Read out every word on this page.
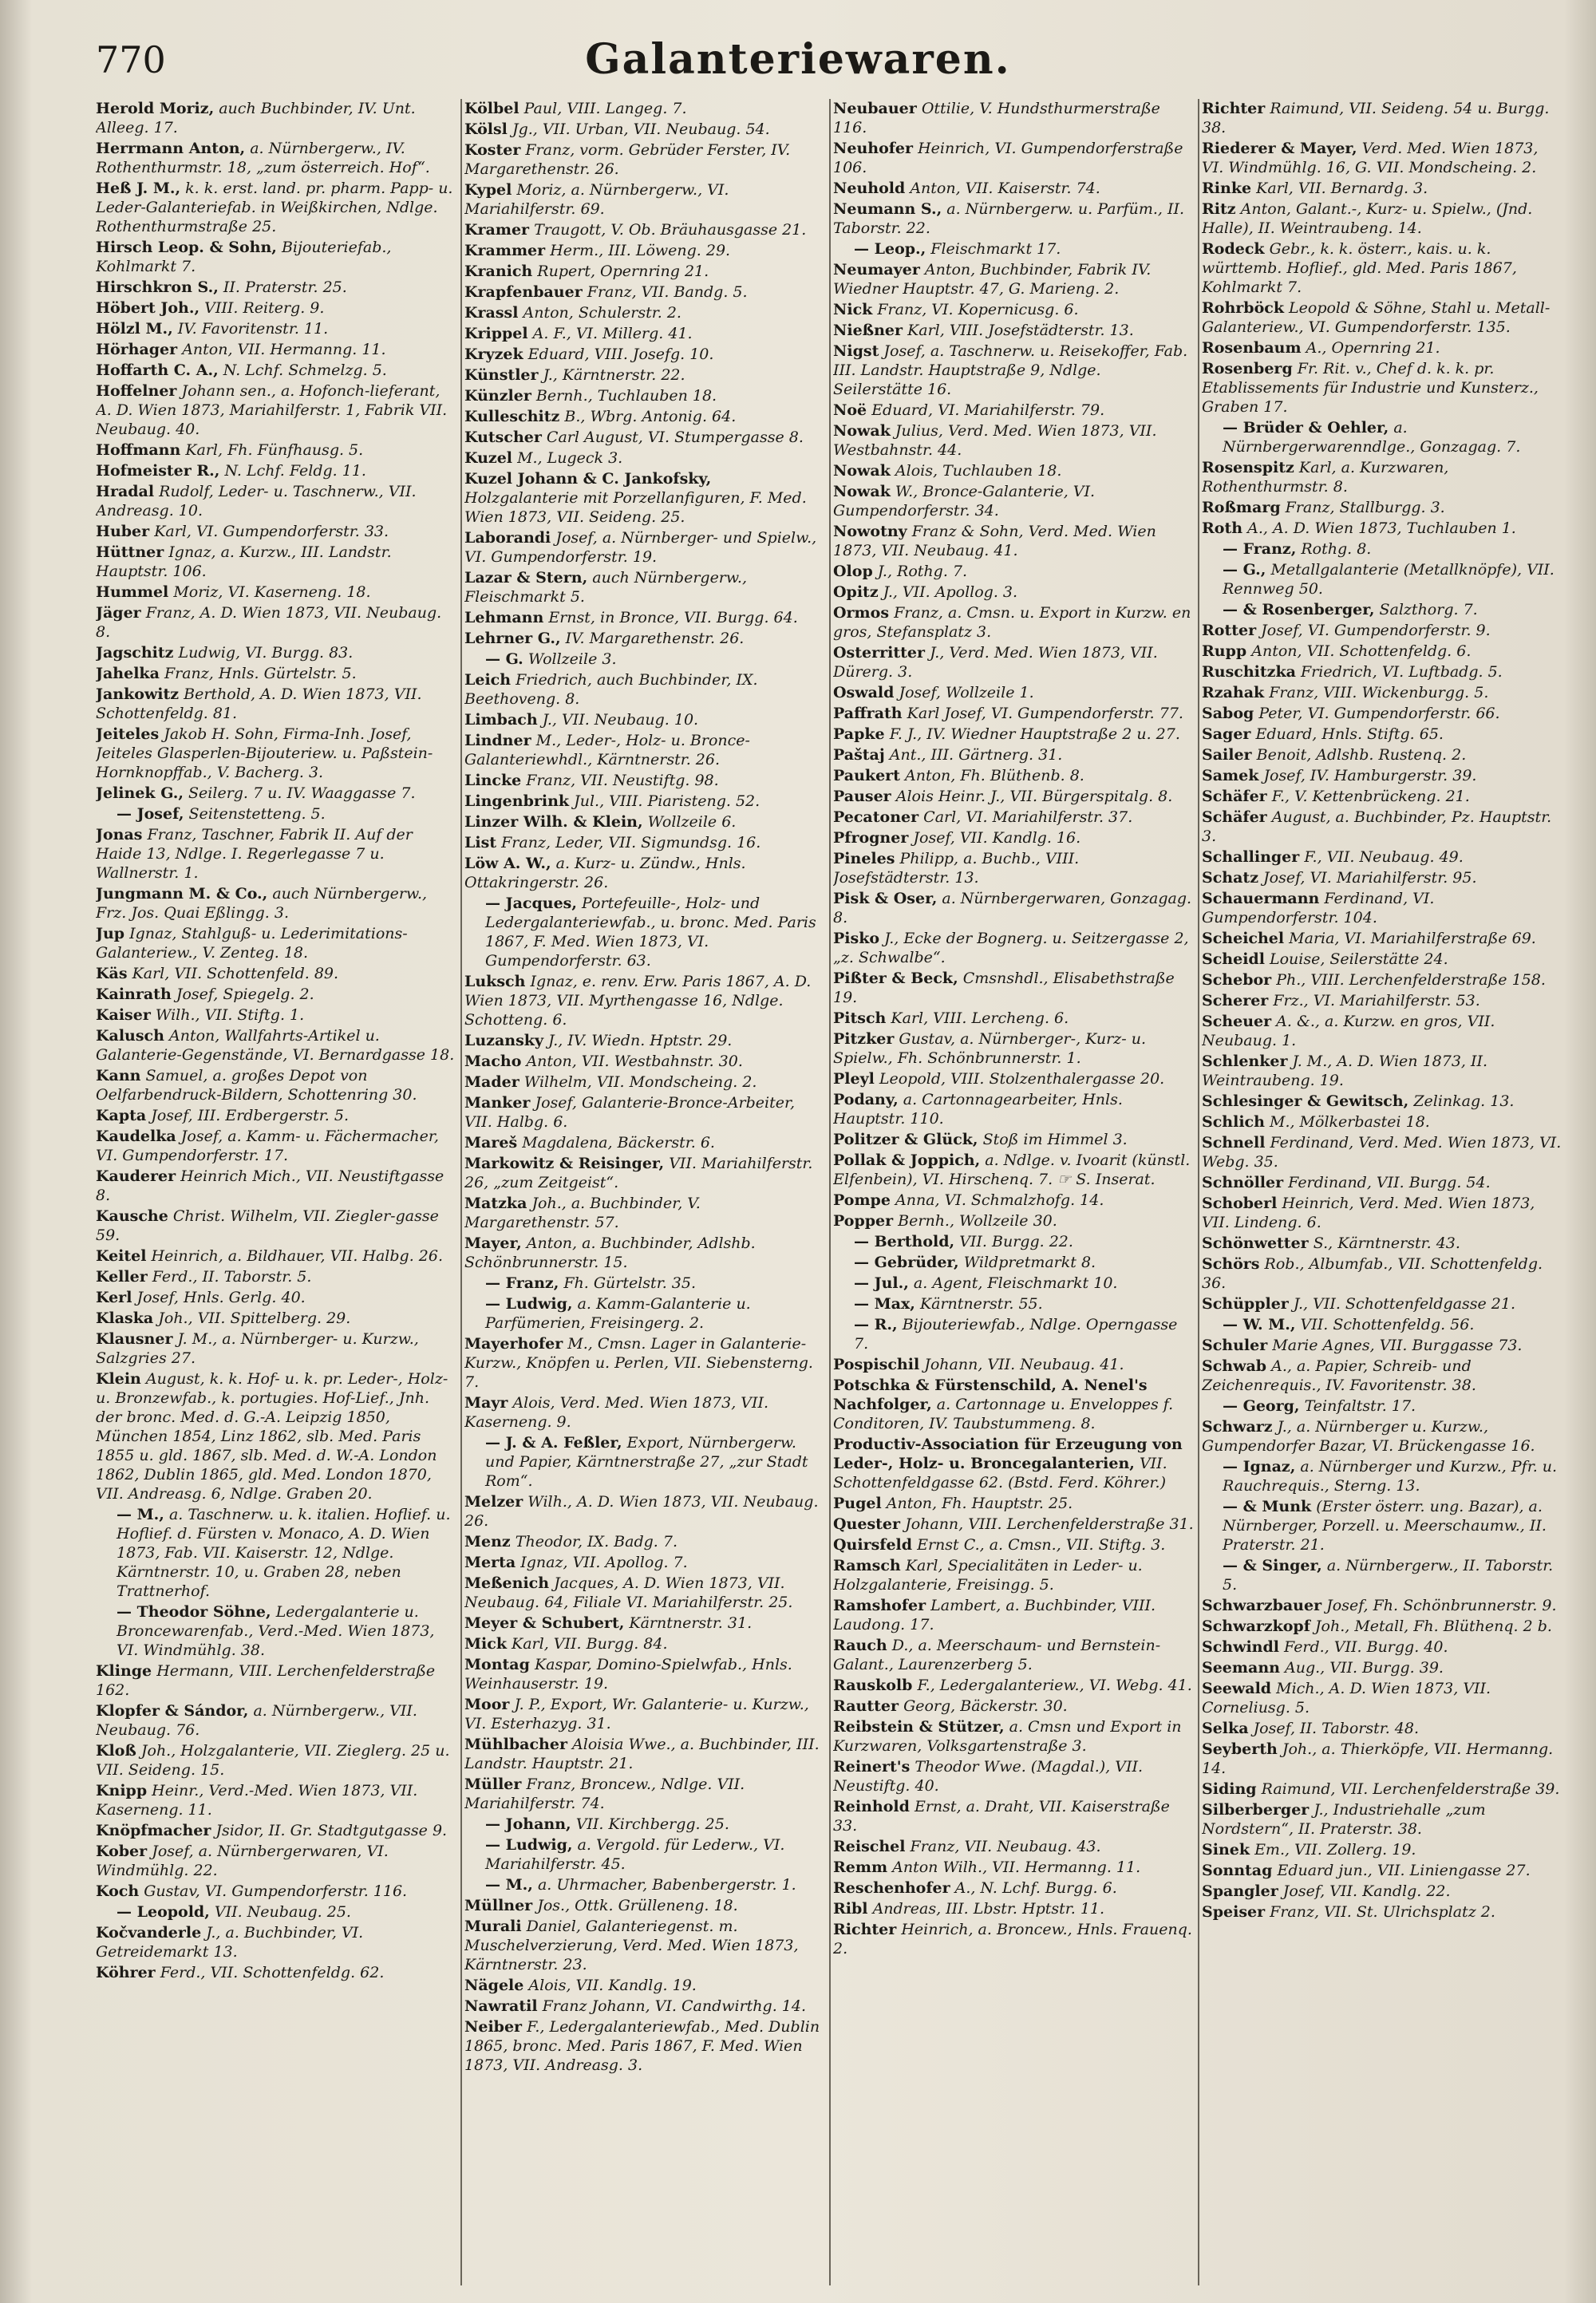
770	Galanteriewaren.
Herold Moriz, auch Buchbinder, IV. Unt. Alleeg. 17.
Herrmann Anton, a. Nürnbergerw., IV. Rothenthurmstr. 18, „zum österreich. Hof“.
Heß J. M., k. k. erst. land. pr. pharm. Papp- u. Leder-Galanteriefab. in Weißkirchen, Ndlge. Rothenthurmstraße 25.
Hirsch Leop. & Sohn, Bijouteriefab., Kohlmarkt 7.
Hirschkron S., II. Praterstr. 25.
Höbert Joh., VIII. Reiterg. 9.
Hölzl M., IV. Favoritenstr. 11.
Hörhager Anton, VII. Hermanng. 11.
Hoffarth C. A., N. Lchf. Schmelzg. 5.
Hoffelner Johann sen., a. Hofonch-lieferant, A. D. Wien 1873, Mariahilferstr. 1, Fabrik VII. Neubaug. 40.
Hoffmann Karl, Fh. Fünfhausg. 5.
Hofmeister R., N. Lchf. Feldg. 11.
Hradal Rudolf, Leder- u. Taschnerw., VII. Andreasg. 10.
Huber Karl, VI. Gumpendorferstr. 33.
Hüttner Ignaz, a. Kurzw., III. Landstr. Hauptstr. 106.
Hummel Moriz, VI. Kaserneng. 18.
Jäger Franz, A. D. Wien 1873, VII. Neubaug. 8.
Jagschitz Ludwig, VI. Burgg. 83.
Jahelka Franz, Hnls. Gürtelstr. 5.
Jankowitz Berthold, A. D. Wien 1873, VII. Schottenfeldg. 81.
Jeiteles Jakob H. Sohn, Firma-Inh. Josef, Jeiteles Glasperlen-Bijouteriew. u. Paßstein-Hornknopffab., V. Bacherg. 3.
Jelinek G., Seilerg. 7 u. IV. Waaggasse 7.
— Josef, Seitenstetteng. 5.
Jonas Franz, Taschner, Fabrik II. Auf der Haide 13, Ndlge. I. Regerlegasse 7 u. Wallnerstr. 1.
Jungmann M. & Co., auch Nürnbergerw., Frz. Jos. Quai Eßlingg. 3.
Jup Ignaz, Stahlguß- u. Lederimitations-Galanteriew., V. Zenteg. 18.
Käs Karl, VII. Schottenfeld. 89.
Kainrath Josef, Spiegelg. 2.
Kaiser Wilh., VII. Stiftg. 1.
Kalusch Anton, Wallfahrts-Artikel u. Galanterie-Gegenstände, VI. Bernardgasse 18.
Kann Samuel, a. großes Depot von Oelfarbendruck-Bildern, Schottenring 30.
Kapta Josef, III. Erdbergerstr. 5.
Kaudelka Josef, a. Kamm- u. Fächermacher, VI. Gumpendorferstr. 17.
Kauderer Heinrich Mich., VII. Neustiftgasse 8.
Kausche Christ. Wilhelm, VII. Ziegler-gasse 59.
Keitel Heinrich, a. Bildhauer, VII. Halbg. 26.
Keller Ferd., II. Taborstr. 5.
Kerl Josef, Hnls. Gerlg. 40.
Klaska Joh., VII. Spittelberg. 29.
Klausner J. M., a. Nürnberger- u. Kurzw., Salzgries 27.
Klein August, k. k. Hof- u. k. pr. Leder-, Holz- u. Bronzewfab., k. portugies. Hof-Lief., Jnh. der bronc. Med. d. G.-A. Leipzig 1850, München 1854, Linz 1862, slb. Med. Paris 1855 u. gld. 1867, slb. Med. d. W.-A. London 1862, Dublin 1865, gld. Med. London 1870, VII. Andreasg. 6, Ndlge. Graben 20.
— M., a. Taschnerw. u. k. italien. Hoflief. u. Hoflief. d. Fürsten v. Monaco, A. D. Wien 1873, Fab. VII. Kaiserstr. 12, Ndlge. Kärntnerstr. 10, u. Graben 28, neben Trattnerhof.
— Theodor Söhne, Ledergalanterie u. Broncewarenfab., Verd.-Med. Wien 1873, VI. Windmühlg. 38.
Klinge Hermann, VIII. Lerchenfelderstraße 162.
Klopfer & Sándor, a. Nürnbergerw., VII. Neubaug. 76.
Kloß Joh., Holzgalanterie, VII. Zieglerg. 25 u. VII. Seideng. 15.
Knipp Heinr., Verd.-Med. Wien 1873, VII. Kaserneng. 11.
Knöpfmacher Jsidor, II. Gr. Stadtgutgasse 9.
Kober Josef, a. Nürnbergerwaren, VI. Windmühlg. 22.
Koch Gustav, VI. Gumpendorferstr. 116.
— Leopold, VII. Neubaug. 25.
Kočvanderle J., a. Buchbinder, VI. Getreidemarkt 13.
Köhrer Ferd., VII. Schottenfeldg. 62.
Kölbel Paul, VIII. Langeg. 7.
Kölsl Jg., VII. Urban, VII. Neubaug. 54.
Koster Franz, vorm. Gebrüder Ferster, IV. Margarethenstr. 26.
Kypel Moriz, a. Nürnbergerw., VI. Mariahilferstr. 69.
Kramer Traugott, V. Ob. Bräuhausgasse 21.
Krammer Herm., III. Löweng. 29.
Kranich Rupert, Opernring 21.
Krapfenbauer Franz, VII. Bandg. 5.
Krassl Anton, Schulerstr. 2.
Krippel A. F., VI. Millerg. 41.
Kryzek Eduard, VIII. Josefg. 10.
Künstler J., Kärntnerstr. 22.
Künzler Bernh., Tuchlauben 18.
Kulleschitz B., Wbrg. Antonig. 64.
Kutscher Carl August, VI. Stumpergasse 8.
Kuzel M., Lugeck 3.
Kuzel Johann & C. Jankofsky, Holzgalanterie mit Porzellanfiguren, F. Med. Wien 1873, VII. Seideng. 25.
Laborandi Josef, a. Nürnberger- und Spielw., VI. Gumpendorferstr. 19.
Lazar & Stern, auch Nürnbergerw., Fleischmarkt 5.
Lehmann Ernst, in Bronce, VII. Burgg. 64.
Lehrner G., IV. Margarethenstr. 26.
— G. Wollzeile 3.
Leich Friedrich, auch Buchbinder, IX. Beethoveng. 8.
Limbach J., VII. Neubaug. 10.
Lindner M., Leder-, Holz- u. Bronce-Galanteriewhdl., Kärntnerstr. 26.
Lincke Franz, VII. Neustiftg. 98.
Lingenbrink Jul., VIII. Piaristeng. 52.
Linzer Wilh. & Klein, Wollzeile 6.
List Franz, Leder, VII. Sigmundsg. 16.
Löw A. W., a. Kurz- u. Zündw., Hnls. Ottakringerstr. 26.
— Jacques, Portefeuille-, Holz- und Ledergalanteriewfab., u. bronc. Med. Paris 1867, F. Med. Wien 1873, VI. Gumpendorferstr. 63.
Luksch Ignaz, e. renv. Erw. Paris 1867, A. D. Wien 1873, VII. Myrthengasse 16, Ndlge. Schotteng. 6.
Luzansky J., IV. Wiedn. Hptstr. 29.
Macho Anton, VII. Westbahnstr. 30.
Mader Wilhelm, VII. Mondscheing. 2.
Manker Josef, Galanterie-Bronce-Arbeiter, VII. Halbg. 6.
Mareš Magdalena, Bäckerstr. 6.
Markowitz & Reisinger, VII. Mariahilferstr. 26, „zum Zeitgeist“.
Matzka Joh., a. Buchbinder, V. Margarethenstr. 57.
Mayer, Anton, a. Buchbinder, Adlshb. Schönbrunnerstr. 15.
— Franz, Fh. Gürtelstr. 35.
— Ludwig, a. Kamm-Galanterie u. Parfümerien, Freisingerg. 2.
Mayerhofer M., Cmsn. Lager in Galanterie-Kurzw., Knöpfen u. Perlen, VII. Siebensterng. 7.
Mayr Alois, Verd. Med. Wien 1873, VII. Kaserneng. 9.
— J. & A. Feßler, Export, Nürnbergerw. und Papier, Kärntnerstraße 27, „zur Stadt Rom“.
Melzer Wilh., A. D. Wien 1873, VII. Neubaug. 26.
Menz Theodor, IX. Badg. 7.
Merta Ignaz, VII. Apollog. 7.
Meßenich Jacques, A. D. Wien 1873, VII. Neubaug. 64, Filiale VI. Mariahilferstr. 25.
Meyer & Schubert, Kärntnerstr. 31.
Mick Karl, VII. Burgg. 84.
Montag Kaspar, Domino-Spielwfab., Hnls. Weinhauserstr. 19.
Moor J. P., Export, Wr. Galanterie- u. Kurzw., VI. Esterhazyg. 31.
Mühlbacher Aloisia Wwe., a. Buchbinder, III. Landstr. Hauptstr. 21.
Müller Franz, Broncew., Ndlge. VII. Mariahilferstr. 74.
— Johann, VII. Kirchbergg. 25.
— Ludwig, a. Vergold. für Lederw., VI. Mariahilferstr. 45.
— M., a. Uhrmacher, Babenbergerstr. 1.
Müllner Jos., Ottk. Grülleneng. 18.
Murali Daniel, Galanteriegenst. m. Muschelverzierung, Verd. Med. Wien 1873, Kärntnerstr. 23.
Nägele Alois, VII. Kandlg. 19.
Nawratil Franz Johann, VI. Candwirthg. 14.
Neiber F., Ledergalanteriewfab., Med. Dublin 1865, bronc. Med. Paris 1867, F. Med. Wien 1873, VII. Andreasg. 3.
Neubauer Ottilie, V. Hundsthurmerstraße 116.
Neuhofer Heinrich, VI. Gumpendorferstraße 106.
Neuhold Anton, VII. Kaiserstr. 74.
Neumann S., a. Nürnbergerw. u. Parfüm., II. Taborstr. 22.
— Leop., Fleischmarkt 17.
Neumayer Anton, Buchbinder, Fabrik IV. Wiedner Hauptstr. 47, G. Marieng. 2.
Nick Franz, VI. Kopernicusg. 6.
Nießner Karl, VIII. Josefstädterstr. 13.
Nigst Josef, a. Taschnerw. u. Reisekoffer, Fab. III. Landstr. Hauptstraße 9, Ndlge. Seilerstätte 16.
Noë Eduard, VI. Mariahilferstr. 79.
Nowak Julius, Verd. Med. Wien 1873, VII. Westbahnstr. 44.
Nowak Alois, Tuchlauben 18.
Nowak W., Bronce-Galanterie, VI. Gumpendorferstr. 34.
Nowotny Franz & Sohn, Verd. Med. Wien 1873, VII. Neubaug. 41.
Olop J., Rothg. 7.
Opitz J., VII. Apollog. 3.
Ormos Franz, a. Cmsn. u. Export in Kurzw. en gros, Stefansplatz 3.
Osterritter J., Verd. Med. Wien 1873, VII. Dürerg. 3.
Oswald Josef, Wollzeile 1.
Paffrath Karl Josef, VI. Gumpendorferstr. 77.
Papke F. J., IV. Wiedner Hauptstraße 2 u. 27.
Paštaj Ant., III. Gärtnerg. 31.
Paukert Anton, Fh. Blüthenb. 8.
Pauser Alois Heinr. J., VII. Bürgerspitalg. 8.
Pecatoner Carl, VI. Mariahilferstr. 37.
Pfrogner Josef, VII. Kandlg. 16.
Pineles Philipp, a. Buchb., VIII. Josefstädterstr. 13.
Pisk & Oser, a. Nürnbergerwaren, Gonzagag. 8.
Pisko J., Ecke der Bognerg. u. Seitzergasse 2, „z. Schwalbe“.
Pißter & Beck, Cmsnshdl., Elisabethstraße 19.
Pitsch Karl, VIII. Lercheng. 6.
Pitzker Gustav, a. Nürnberger-, Kurz- u. Spielw., Fh. Schönbrunnerstr. 1.
Pleyl Leopold, VIII. Stolzenthalergasse 20.
Podany, a. Cartonnagearbeiter, Hnls. Hauptstr. 110.
Politzer & Glück, Stoß im Himmel 3.
Pollak & Joppich, a. Ndlge. v. Ivoarit (künstl. Elfenbein), VI. Hirschenq. 7. ☞ S. Inserat.
Pompe Anna, VI. Schmalzhofg. 14.
Popper Bernh., Wollzeile 30.
— Berthold, VII. Burgg. 22.
— Gebrüder, Wildpretmarkt 8.
— Jul., a. Agent, Fleischmarkt 10.
— Max, Kärntnerstr. 55.
— R., Bijouteriewfab., Ndlge. Operngasse 7.
Pospischil Johann, VII. Neubaug. 41.
Potschka & Fürstenschild, A. Nenel's Nachfolger, a. Cartonnage u. Enveloppes f. Conditoren, IV. Taubstummeng. 8.
Productiv-Association für Erzeugung von Leder-, Holz- u. Broncegalanterien, VII. Schottenfeldgasse 62. (Bstd. Ferd. Köhrer.)
Pugel Anton, Fh. Hauptstr. 25.
Quester Johann, VIII. Lerchenfelderstraße 31.
Quirsfeld Ernst C., a. Cmsn., VII. Stiftg. 3.
Ramsch Karl, Specialitäten in Leder- u. Holzgalanterie, Freisingg. 5.
Ramshofer Lambert, a. Buchbinder, VIII. Laudong. 17.
Rauch D., a. Meerschaum- und Bernstein-Galant., Laurenzerberg 5.
Rauskolb F., Ledergalanteriew., VI. Webg. 41.
Rautter Georg, Bäckerstr. 30.
Reibstein & Stützer, a. Cmsn und Export in Kurzwaren, Volksgartenstraße 3.
Reinert's Theodor Wwe. (Magdal.), VII. Neustiftg. 40.
Reinhold Ernst, a. Draht, VII. Kaiserstraße 33.
Reischel Franz, VII. Neubaug. 43.
Remm Anton Wilh., VII. Hermanng. 11.
Reschenhofer A., N. Lchf. Burgg. 6.
Ribl Andreas, III. Lbstr. Hptstr. 11.
Richter Heinrich, a. Broncew., Hnls. Frauenq. 2.
Richter Raimund, VII. Seideng. 54 u. Burgg. 38.
Riederer & Mayer, Verd. Med. Wien 1873, VI. Windmühlg. 16, G. VII. Mondscheing. 2.
Rinke Karl, VII. Bernardg. 3.
Ritz Anton, Galant.-, Kurz- u. Spielw., (Jnd. Halle), II. Weintraubeng. 14.
Rodeck Gebr., k. k. österr., kais. u. k. württemb. Hoflief., gld. Med. Paris 1867, Kohlmarkt 7.
Rohrböck Leopold & Söhne, Stahl u. Metall-Galanteriew., VI. Gumpendorferstr. 135.
Rosenbaum A., Opernring 21.
Rosenberg Fr. Rit. v., Chef d. k. k. pr. Etablissements für Industrie und Kunsterz., Graben 17.
— Brüder & Oehler, a. Nürnbergerwarenndlge., Gonzagag. 7.
Rosenspitz Karl, a. Kurzwaren, Rothenthurmstr. 8.
Roßmarg Franz, Stallburgg. 3.
Roth A., A. D. Wien 1873, Tuchlauben 1.
— Franz, Rothg. 8.
— G., Metallgalanterie (Metallknöpfe), VII. Rennweg 50.
— & Rosenberger, Salzthorg. 7.
Rotter Josef, VI. Gumpendorferstr. 9.
Rupp Anton, VII. Schottenfeldg. 6.
Ruschitzka Friedrich, VI. Luftbadg. 5.
Rzahak Franz, VIII. Wickenburgg. 5.
Sabog Peter, VI. Gumpendorferstr. 66.
Sager Eduard, Hnls. Stiftg. 65.
Sailer Benoit, Adlshb. Rustenq. 2.
Samek Josef, IV. Hamburgerstr. 39.
Schäfer F., V. Kettenbrückeng. 21.
Schäfer August, a. Buchbinder, Pz. Hauptstr. 3.
Schallinger F., VII. Neubaug. 49.
Schatz Josef, VI. Mariahilferstr. 95.
Schauermann Ferdinand, VI. Gumpendorferstr. 104.
Scheichel Maria, VI. Mariahilferstraße 69.
Scheidl Louise, Seilerstätte 24.
Schebor Ph., VIII. Lerchenfelderstraße 158.
Scherer Frz., VI. Mariahilferstr. 53.
Scheuer A. &., a. Kurzw. en gros, VII. Neubaug. 1.
Schlenker J. M., A. D. Wien 1873, II. Weintraubeng. 19.
Schlesinger & Gewitsch, Zelinkag. 13.
Schlich M., Mölkerbastei 18.
Schnell Ferdinand, Verd. Med. Wien 1873, VI. Webg. 35.
Schnöller Ferdinand, VII. Burgg. 54.
Schoberl Heinrich, Verd. Med. Wien 1873, VII. Lindeng. 6.
Schönwetter S., Kärntnerstr. 43.
Schörs Rob., Albumfab., VII. Schottenfeldg. 36.
Schüppler J., VII. Schottenfeldgasse 21.
— W. M., VII. Schottenfeldg. 56.
Schuler Marie Agnes, VII. Burggasse 73.
Schwab A., a. Papier, Schreib- und Zeichenrequis., IV. Favoritenstr. 38.
— Georg, Teinfaltstr. 17.
Schwarz J., a. Nürnberger u. Kurzw., Gumpendorfer Bazar, VI. Brückengasse 16.
— Ignaz, a. Nürnberger und Kurzw., Pfr. u. Rauchrequis., Sterng. 13.
— & Munk (Erster österr. ung. Bazar), a. Nürnberger, Porzell. u. Meerschaumw., II. Praterstr. 21.
— & Singer, a. Nürnbergerw., II. Taborstr. 5.
Schwarzbauer Josef, Fh. Schönbrunnerstr. 9.
Schwarzkopf Joh., Metall, Fh. Blüthenq. 2 b.
Schwindl Ferd., VII. Burgg. 40.
Seemann Aug., VII. Burgg. 39.
Seewald Mich., A. D. Wien 1873, VII. Corneliusg. 5.
Selka Josef, II. Taborstr. 48.
Seyberth Joh., a. Thierköpfe, VII. Hermanng. 14.
Siding Raimund, VII. Lerchenfelderstraße 39.
Silberberger J., Industriehalle „zum Nordstern“, II. Praterstr. 38.
Sinek Em., VII. Zollerg. 19.
Sonntag Eduard jun., VII. Liniengasse 27.
Spangler Josef, VII. Kandlg. 22.
Speiser Franz, VII. St. Ulrichsplatz 2.
